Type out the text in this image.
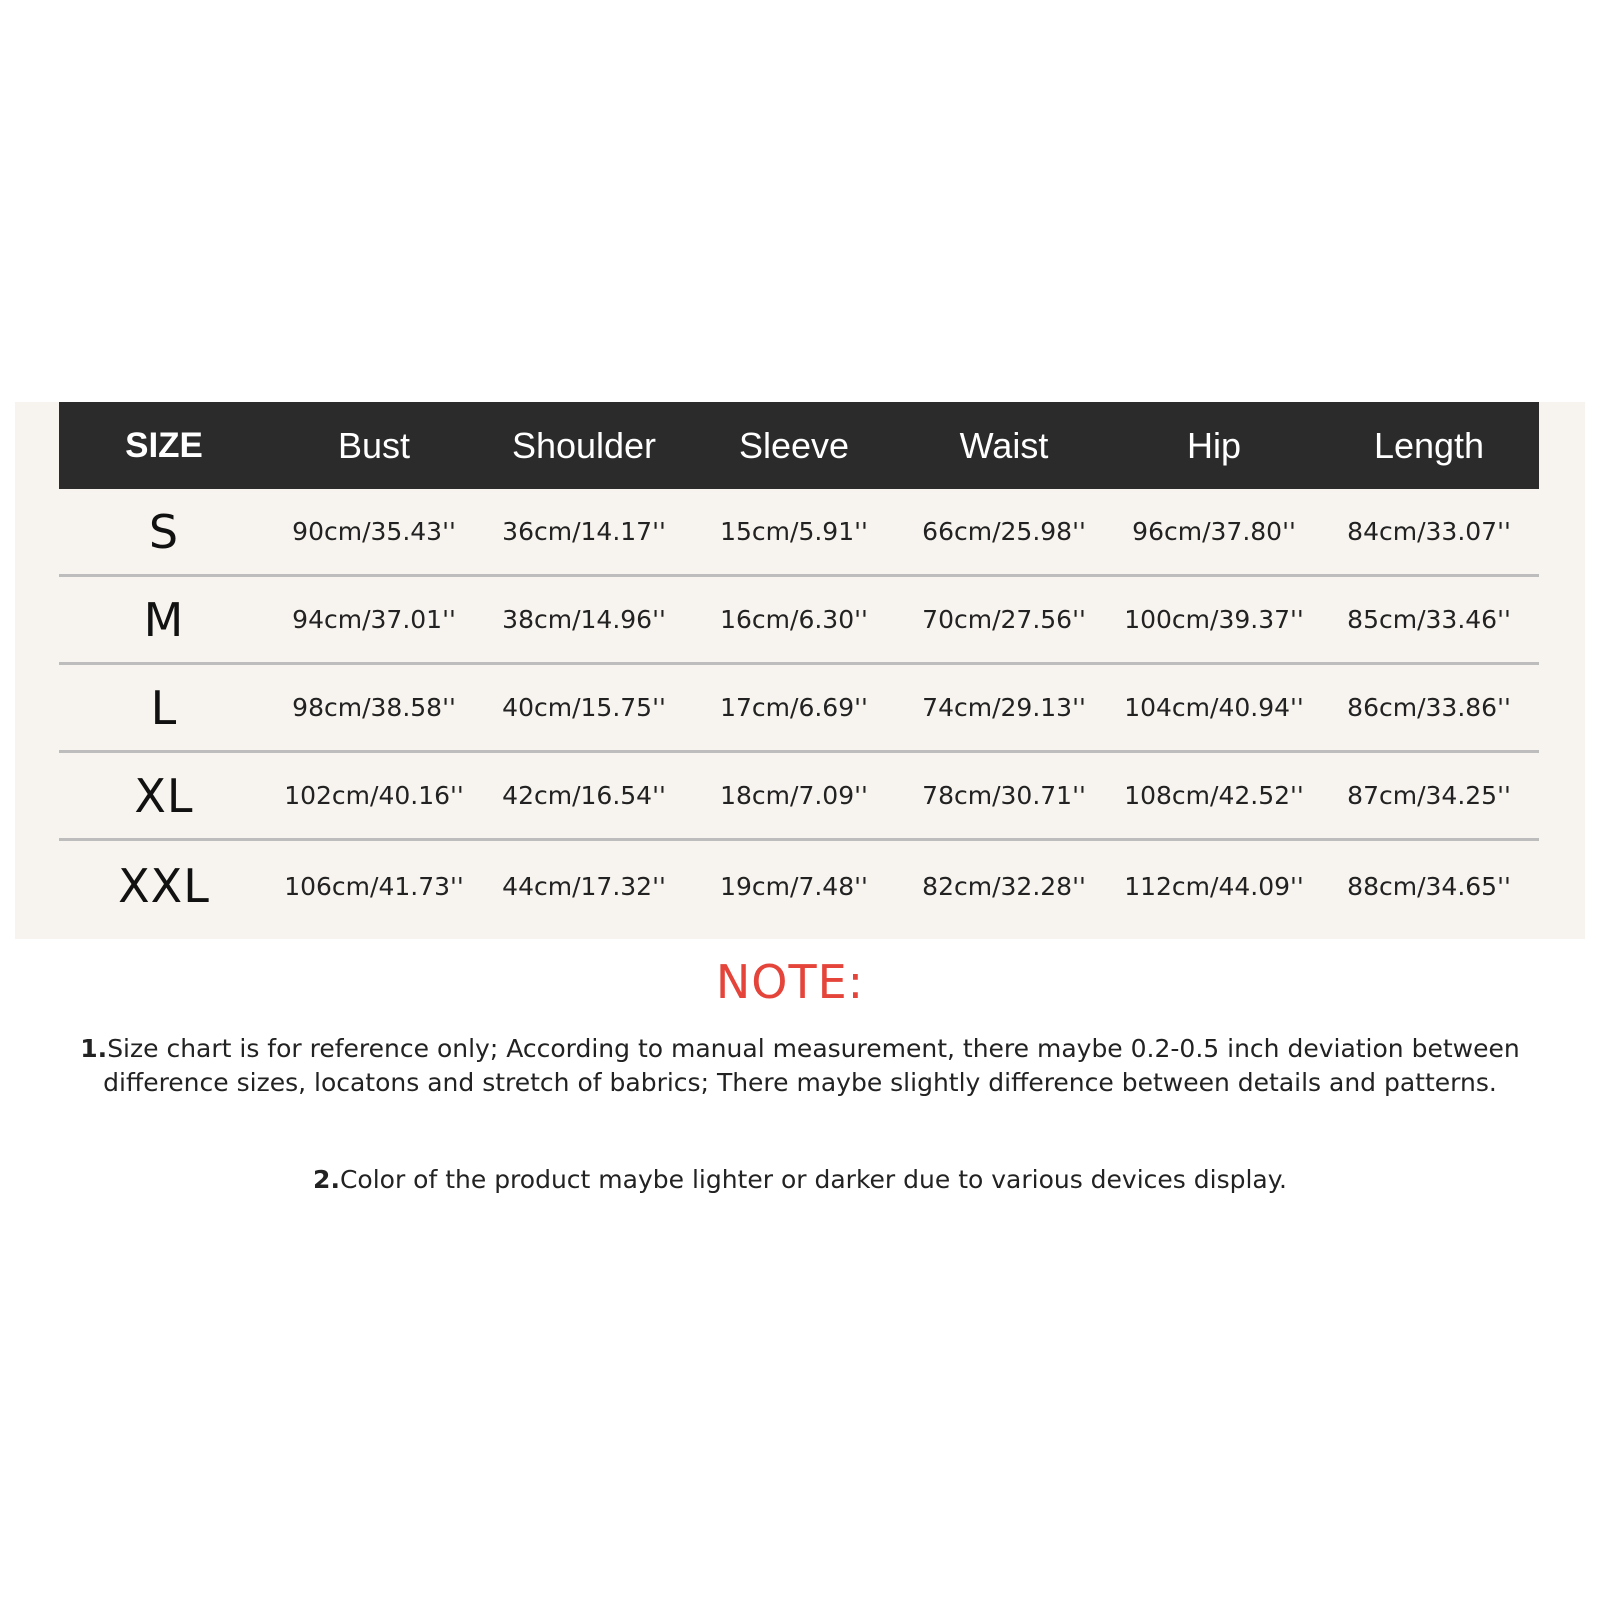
SIZE	Bust	Shoulder	Sleeve	Waist	Hip	Length
S	90cm/35.43''	36cm/14.17''	15cm/5.91''	66cm/25.98''	96cm/37.80''	84cm/33.07''
M	94cm/37.01''	38cm/14.96''	16cm/6.30''	70cm/27.56''	100cm/39.37''	85cm/33.46''
L	98cm/38.58''	40cm/15.75''	17cm/6.69''	74cm/29.13''	104cm/40.94''	86cm/33.86''
XL	102cm/40.16''	42cm/16.54''	18cm/7.09''	78cm/30.71''	108cm/42.52''	87cm/34.25''
XXL	106cm/41.73''	44cm/17.32''	19cm/7.48''	82cm/32.28''	112cm/44.09''	88cm/34.65''
NOTE:
1.Size chart is for reference only; According to manual measurement, there maybe 0.2-0.5 inch deviation between difference sizes, locatons and stretch of babrics; There maybe slightly difference between details and patterns.
2.Color of the product maybe lighter or darker due to various devices display.
